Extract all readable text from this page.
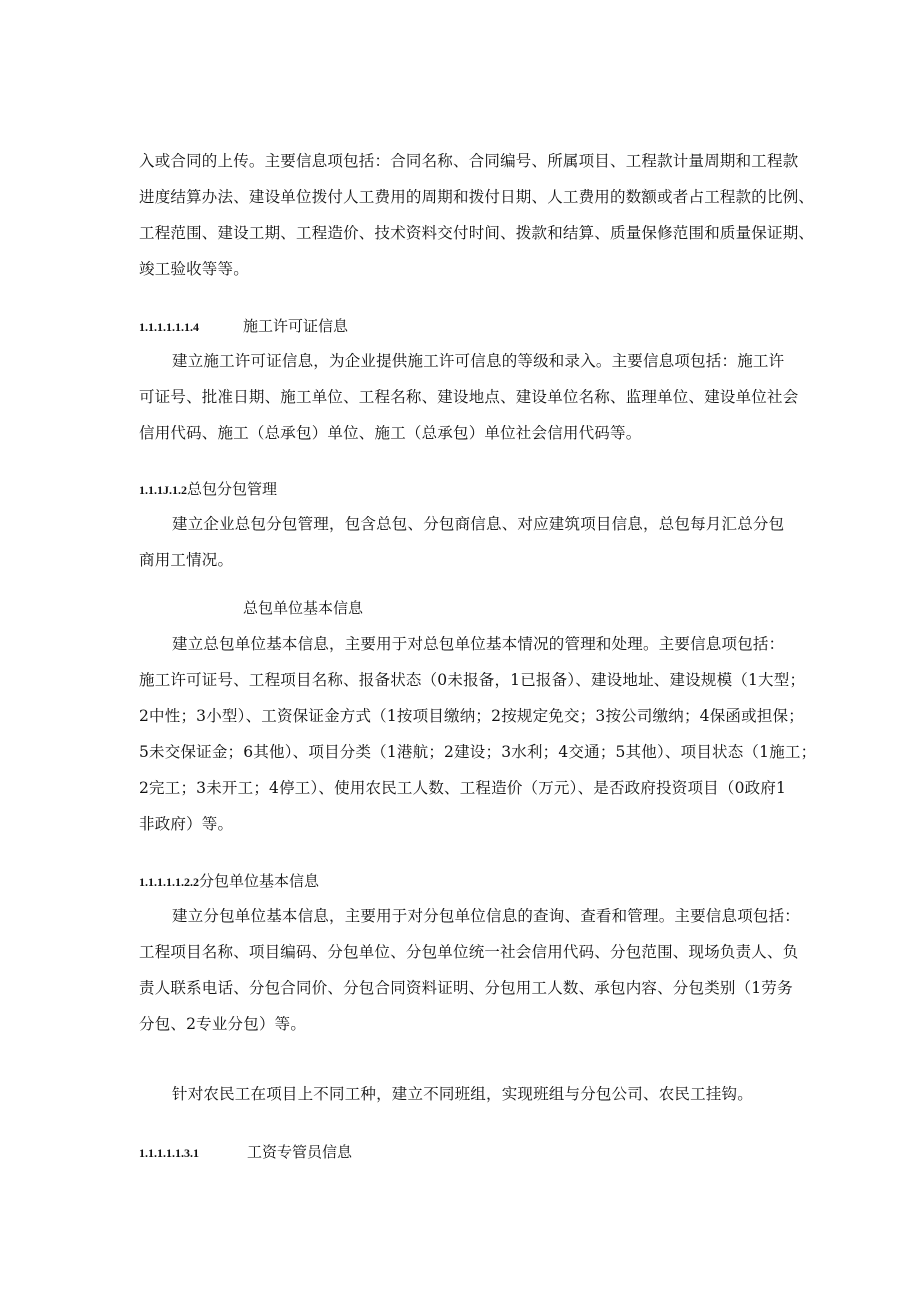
入或合同的上传。主要信息项包括：合同名称、合同编号、所属项目、工程款计量周期和工程款
进度结算办法、建设单位拨付人工费用的周期和拨付日期、人工费用的数额或者占工程款的比例、
工程范围、建设工期、工程造价、技术资料交付时间、拨款和结算、质量保修范围和质量保证期、
竣工验收等等。
1.1.1.1.1.1.4	施工许可证信息
建立施工许可证信息，为企业提供施工许可信息的等级和录入。主要信息项包括：施工许
可证号、批准日期、施工单位、工程名称、建设地点、建设单位名称、监理单位、建设单位社会
信用代码、施工（总承包）单位、施工（总承包）单位社会信用代码等。
1.1.1J.1.2总包分包管理
建立企业总包分包管理，包含总包、分包商信息、对应建筑项目信息，总包每月汇总分包
商用工情况。
总包单位基本信息
建立总包单位基本信息，主要用于对总包单位基本情况的管理和处理。主要信息项包括：
施工许可证号、工程项目名称、报备状态（0未报备，1已报备）、建设地址、建设规模（1大型；
2中性；3小型）、工资保证金方式（1按项目缴纳；2按规定免交；3按公司缴纳；4保函或担保；
5未交保证金；6其他）、项目分类（1港航；2建设；3水利；4交通；5其他）、项目状态（1施工；
2完工；3未开工；4停工）、使用农民工人数、工程造价（万元）、是否政府投资项目（0政府1
非政府）等。
1.1.1.1.1.2.2分包单位基本信息
建立分包单位基本信息，主要用于对分包单位信息的查询、查看和管理。主要信息项包括：
工程项目名称、项目编码、分包单位、分包单位统一社会信用代码、分包范围、现场负责人、负
责人联系电话、分包合同价、分包合同资料证明、分包用工人数、承包内容、分包类别（1劳务
分包、2专业分包）等。
针对农民工在项目上不同工种，建立不同班组，实现班组与分包公司、农民工挂钩。
1.1.1.1.1.3.1	工资专管员信息
